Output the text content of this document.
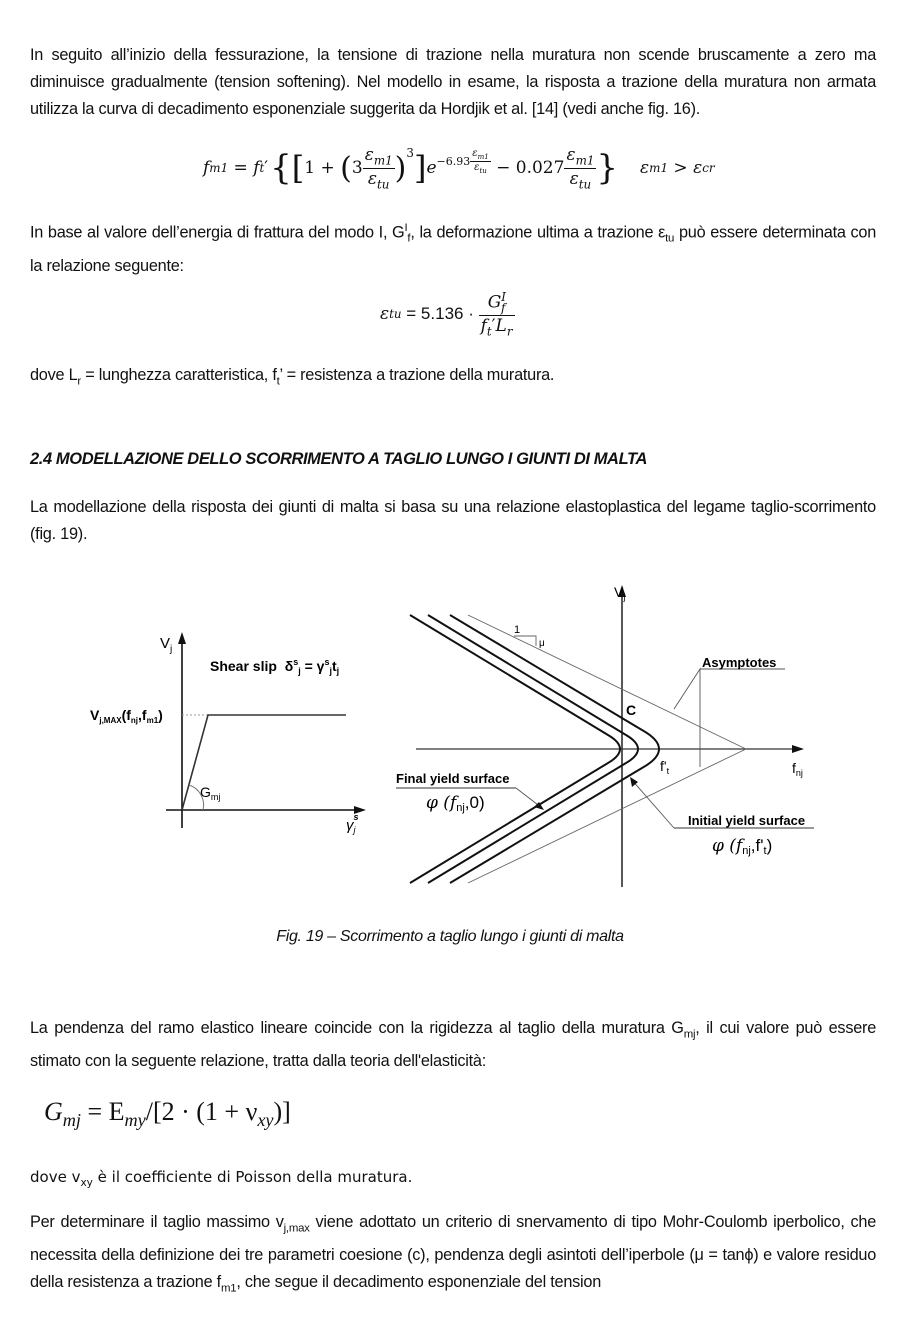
In seguito all’inizio della fessurazione, la tensione di trazione nella muratura non scende bruscamente a zero ma diminuisce gradualmente (tension softening). Nel modello in esame, la risposta a trazione della muratura non armata utilizza la curva di decadimento esponenziale suggerita da Hordjik et al. [14] (vedi anche fig. 16).
f m1 = f t ′ { [ 1 + ( $3 \frac{\varepsilon_{m1}}{\varepsilon_{tu}} )^3$ ] $e -6.93 \frac{\varepsilon_{m1}}{\varepsilon_{tu}} - 0.027 \frac{\varepsilon_{m1}}{\varepsilon_{tu}}$ } ε m1 > ε cr
In base al valore dell’energia di frattura del modo I, $G^I_f$, la deformazione ultima a trazione $\varepsilon_{tu}$ può essere determinata con la relazione seguente:
ε tu = $5.136 \cdot \frac{G^I_f}{f_t'L_r}$
dove $L_r$ = lunghezza caratteristica, $f_t$’ = resistenza a trazione della muratura.
2.4 MODELLAZIONE DELLO SCORRIMENTO A TAGLIO LUNGO I GIUNTI DI MALTA
La modellazione della risposta dei giunti di malta si basa su una relazione elastoplastica del legame taglio-scorrimento (fig. 19).
$V_j$
Shear slip  $\delta^s_j = \gamma^s_jt_j$
$V_{j,MAX}(f_{nj},f_{m1})$
$G_{mj}$
$\gamma^s$ j
1
μ
Asymptotes
C
$f'_t$	$f_{nj}$
$V_j$
Final yield surface
φ (fnj,0)
Initial yield surface
φ (fnj,f't)
Fig. 19 – Scorrimento a taglio lungo i giunti di malta
La pendenza del ramo elastico lineare coincide con la rigidezza al taglio della muratura $G_{mj}$, il cui valore può essere stimato con la seguente relazione, tratta dalla teoria dell'elasticità:
$G_{mj} = E_{my}/[2 \cdot (1 + \nu_{xy})]$
dove $v_{xy}$ è il coefficiente di Poisson della muratura.
Per determinare il taglio massimo $v_{j,max}$ viene adottato un criterio di snervamento di tipo Mohr-Coulomb iperbolico, che necessita della definizione dei tre parametri coesione (c), pendenza degli asintoti dell’iperbole (μ = tanϕ) e valore residuo della resistenza a trazione $f_{m1}$, che segue il decadimento esponenziale del tension
